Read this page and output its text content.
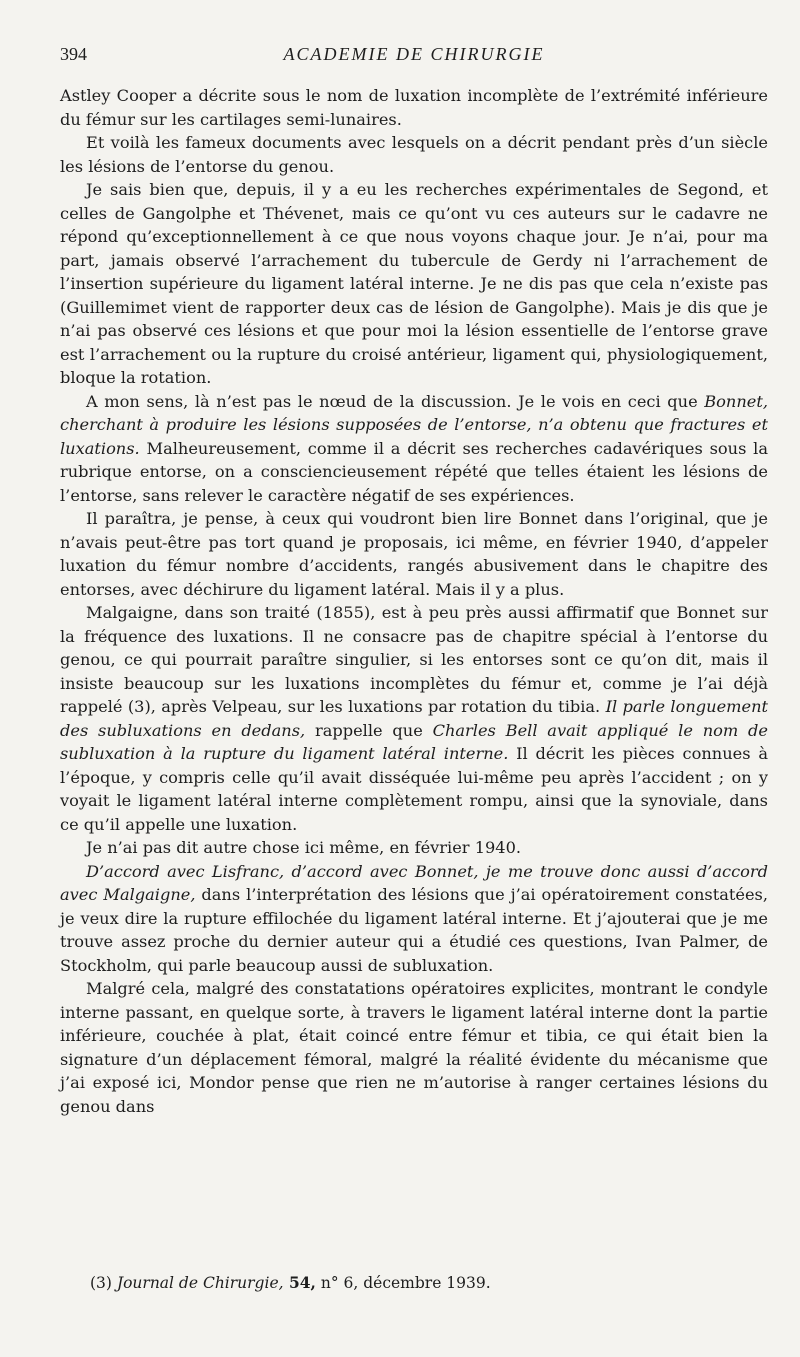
394	ACADEMIE DE CHIRURGIE

Astley Cooper a décrite sous le nom de luxation incomplète de l’extrémité inférieure du fémur sur les cartilages semi-lunaires.

Et voilà les fameux documents avec lesquels on a décrit pendant près d’un siècle les lésions de l’entorse du genou.

Je sais bien que, depuis, il y a eu les recherches expérimentales de Segond, et celles de Gangolphe et Thévenet, mais ce qu’ont vu ces auteurs sur le cadavre ne répond qu’exceptionnellement à ce que nous voyons chaque jour. Je n’ai, pour ma part, jamais observé l’arrachement du tubercule de Gerdy ni l’arrachement de l’insertion supérieure du ligament latéral interne. Je ne dis pas que cela n’existe pas (Guillemimet vient de rapporter deux cas de lésion de Gangolphe). Mais je dis que je n’ai pas observé ces lésions et que pour moi la lésion essentielle de l’entorse grave est l’arrachement ou la rupture du croisé antérieur, ligament qui, physiologiquement, bloque la rotation.

A mon sens, là n’est pas le nœud de la discussion. Je le vois en ceci que Bonnet, cherchant à produire les lésions supposées de l’entorse, n’a obtenu que fractures et luxations. Malheureusement, comme il a décrit ses recherches cadavériques sous la rubrique entorse, on a consciencieusement répété que telles étaient les lésions de l’entorse, sans relever le caractère négatif de ses expériences.

Il paraîtra, je pense, à ceux qui voudront bien lire Bonnet dans l’original, que je n’avais peut-être pas tort quand je proposais, ici même, en février 1940, d’appeler luxation du fémur nombre d’accidents, rangés abusivement dans le chapitre des entorses, avec déchirure du ligament latéral. Mais il y a plus.

Malgaigne, dans son traité (1855), est à peu près aussi affirmatif que Bonnet sur la fréquence des luxations. Il ne consacre pas de chapitre spécial à l’entorse du genou, ce qui pourrait paraître singulier, si les entorses sont ce qu’on dit, mais il insiste beaucoup sur les luxations incomplètes du fémur et, comme je l’ai déjà rappelé (3), après Velpeau, sur les luxations par rotation du tibia. Il parle longuement des subluxations en dedans, rappelle que Charles Bell avait appliqué le nom de subluxation à la rupture du ligament latéral interne. Il décrit les pièces connues à l’époque, y compris celle qu’il avait disséquée lui-même peu après l’accident ; on y voyait le ligament latéral interne complètement rompu, ainsi que la synoviale, dans ce qu’il appelle une luxation.

Je n’ai pas dit autre chose ici même, en février 1940.

D’accord avec Lisfranc, d’accord avec Bonnet, je me trouve donc aussi d’accord avec Malgaigne, dans l’interprétation des lésions que j’ai opératoirement constatées, je veux dire la rupture effilochée du ligament latéral interne. Et j’ajouterai que je me trouve assez proche du dernier auteur qui a étudié ces questions, Ivan Palmer, de Stockholm, qui parle beaucoup aussi de subluxation.

Malgré cela, malgré des constatations opératoires explicites, montrant le condyle interne passant, en quelque sorte, à travers le ligament latéral interne dont la partie inférieure, couchée à plat, était coincé entre fémur et tibia, ce qui était bien la signature d’un déplacement fémoral, malgré la réalité évidente du mécanisme que j’ai exposé ici, Mondor pense que rien ne m’autorise à ranger certaines lésions du genou dans

(3) Journal de Chirurgie, 54, n° 6, décembre 1939.
